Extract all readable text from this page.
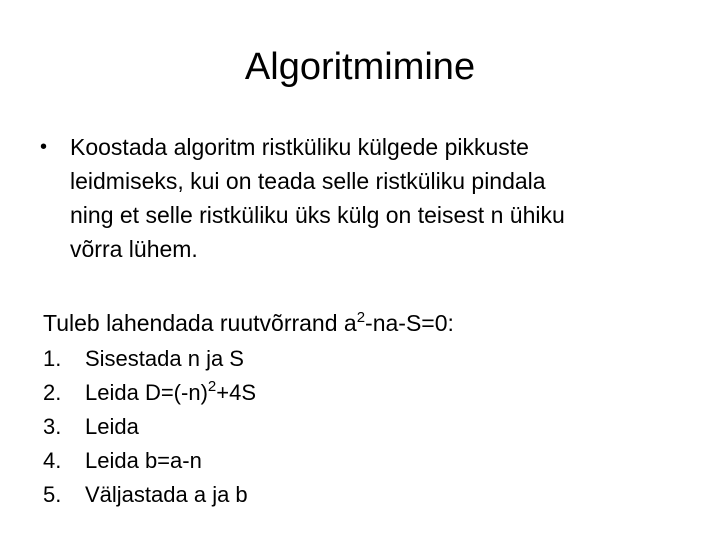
Algoritmimine
• Koostada algoritm ristküliku külgede pikkuste
leidmiseks, kui on teada selle ristküliku pindala
ning et selle ristküliku üks külg on teisest n ühiku
võrra lühem.
Tuleb lahendada ruutvõrrand $a^2-na-S=0$:
1. Sisestada n ja S
2. Leida $D=(-n)^2+4S$
3. Leida
4. Leida b=a-n
5. Väljastada a ja b
